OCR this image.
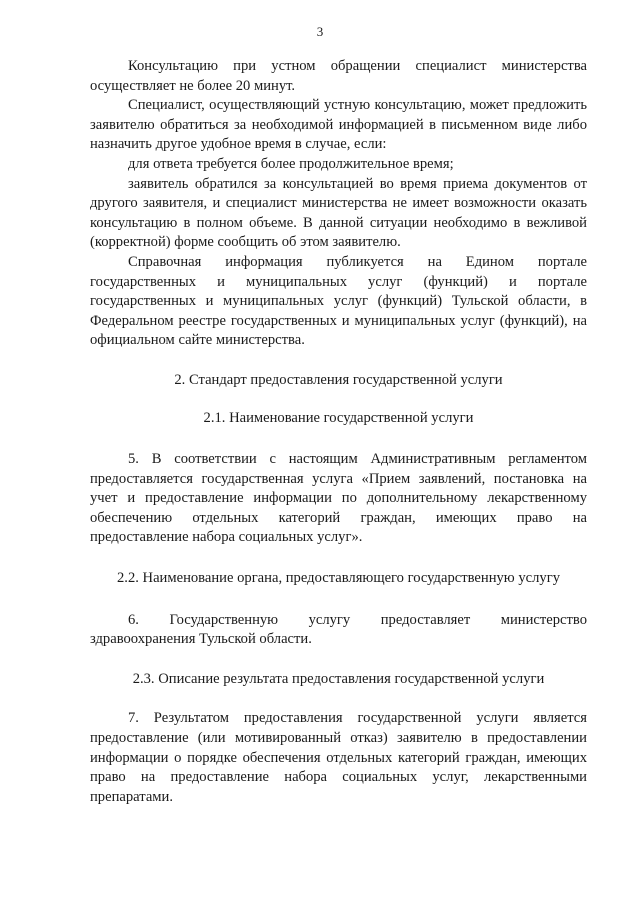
3

Консультацию при устном обращении специалист министерства осуществляет не более 20 минут.

Специалист, осуществляющий устную консультацию, может предложить заявителю обратиться за необходимой информацией в письменном виде либо назначить другое удобное время в случае, если:

для ответа требуется более продолжительное время;

заявитель обратился за консультацией во время приема документов от другого заявителя, и специалист министерства не имеет возможности оказать консультацию в полном объеме. В данной ситуации необходимо в вежливой (корректной) форме сообщить об этом заявителю.

Справочная информация публикуется на Едином портале государственных и муниципальных услуг (функций) и портале государственных и муниципальных услуг (функций) Тульской области, в Федеральном реестре государственных и муниципальных услуг (функций), на официальном сайте министерства.

2. Стандарт предоставления государственной услуги

2.1. Наименование государственной услуги

5. В соответствии с настоящим Административным регламентом предоставляется государственная услуга «Прием заявлений, постановка на учет и предоставление информации по дополнительному лекарственному обеспечению отдельных категорий граждан, имеющих право на предоставление набора социальных услуг».

2.2. Наименование органа, предоставляющего государственную услугу

6. Государственную услугу предоставляет министерство здравоохранения Тульской области.

2.3. Описание результата предоставления государственной услуги

7. Результатом предоставления государственной услуги является предоставление (или мотивированный отказ) заявителю в предоставлении информации о порядке обеспечения отдельных категорий граждан, имеющих право на предоставление набора социальных услуг, лекарственными препаратами.
